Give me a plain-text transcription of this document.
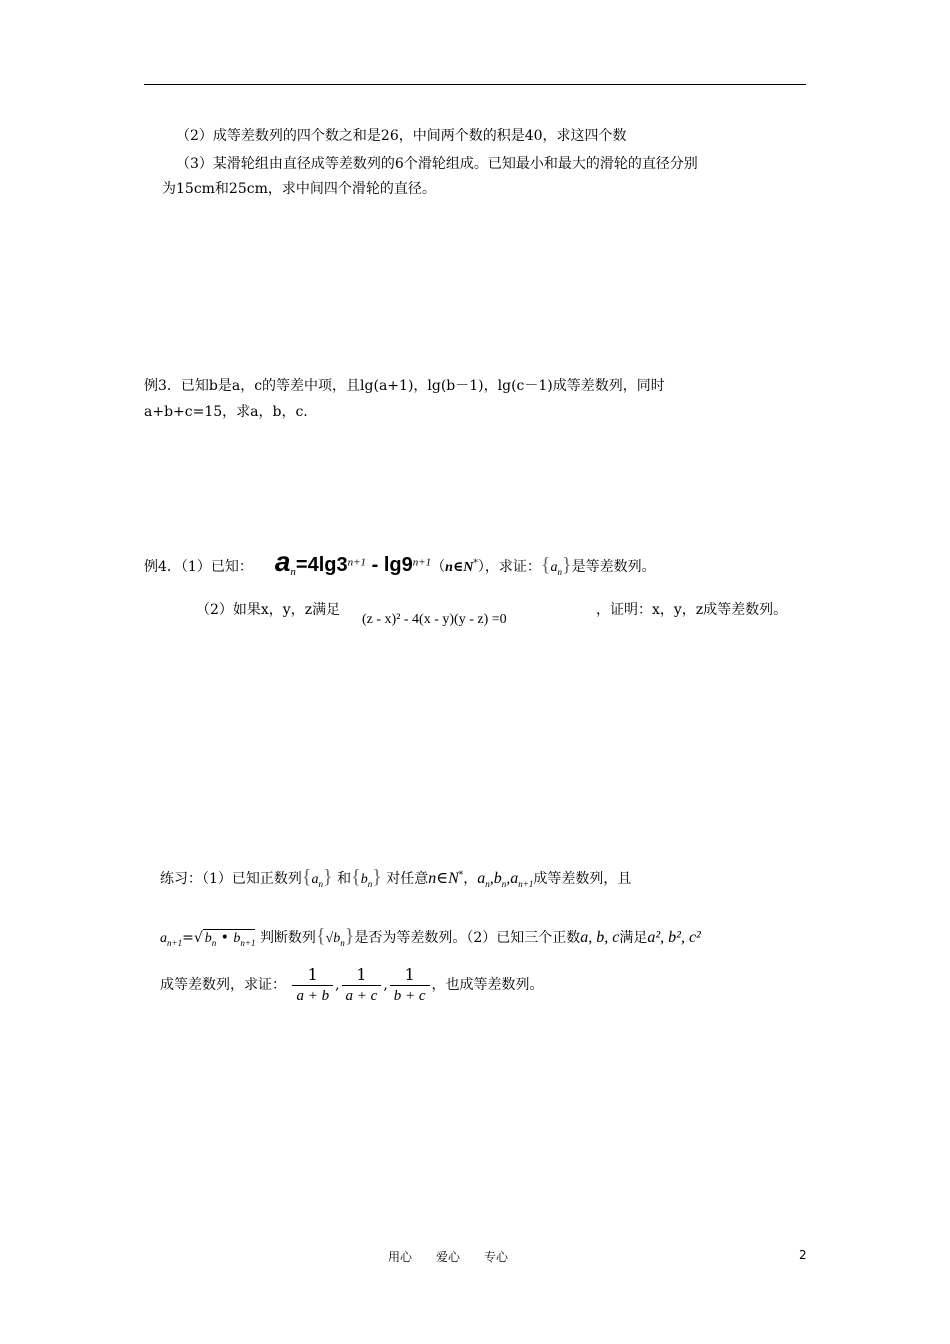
（2）成等差数列的四个数之和是26，中间两个数的积是40，求这四个数
（3）某滑轮组由直径成等差数列的6个滑轮组成。已知最小和最大的滑轮的直径分别
为15cm和25cm，求中间四个滑轮的直径。
例3．已知b是a，c的等差中项，且lg(a+1)，lg(b－1)，lg(c－1)成等差数列，同时
a+b+c=15，求a，b，c.
例4．（1）已知： $a_n=4\lg 3^{n+1}$ - $\lg 9^{n+1}(n\in N^*)$，求证：$\{a_n\}$是等差数列。
（2）如果x，y，z满足
(z - x)² - 4(x - y)(y - z) =0
，证明：x，y，z成等差数列。
练习：（1）已知正数列$\{a_n\}$ 和$\{b_n\}$ 对任意n∈N*，$a_n,b_n,a_{n+1}$成等差数列，且
$a_{n+1}=√$ $b_n$ • $b_{n+1}$ 判断数列$\{√b_n\}$是否为等差数列。（2）已知三个正数a, b, c满足a², b², c²
成等差数列，求证： $\frac{1}{a + b}$ , $\frac{1}{a + c}$ , $\frac{1}{b + c}$ ，也成等差数列。
用心　　爱心　　专心	2
